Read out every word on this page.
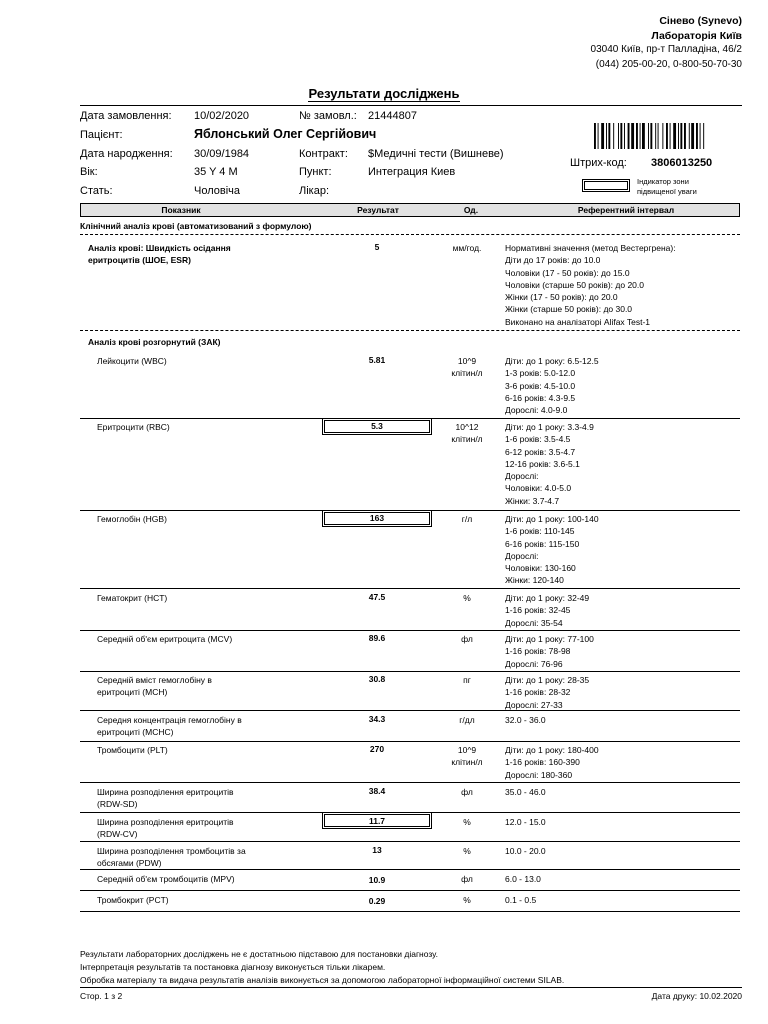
Сінево (Synevo)
Лабораторія Київ
03040 Київ, пр-т Палладіна, 46/2
(044) 205-00-20, 0-800-50-70-30
Результати досліджень
Дата замовлення: 10/02/2020	№ замовл.: 21444807
Пацієнт:	Яблонський Олег Сергійович
Дата народження: 30/09/1984	Контракт: $Медичні тести (Вишневе)
Вік:	35 Y 4 M	Пункт:	Интеграция Киев
Стать:	Чоловіча	Лікар:
Штрих-код: 3806013250
Індикатор зони
підвищеної уваги
Показник	Результат	Од.	Референтний інтервал
Клінічний аналіз крові (автоматизований з формулою)
Аналіз крові: Швидкість осідання
еритроцитів (ШОЕ, ESR)
5	мм/год.	Нормативні значення (метод Вестергрена):
Діти до 17 років: до 10.0
Чоловіки (17 - 50 років): до 15.0
Чоловіки (старше 50 років): до 20.0
Жінки (17 - 50 років): до 20.0
Жінки (старше 50 років): до 30.0
Виконано на аналізаторі Alifax Test-1
Аналіз крові розгорнутий (ЗАК)
Лейкоцити (WBC)	5.81	10^9
клітин/л
Діти: до 1 року: 6.5-12.5
1-3 років: 5.0-12.0
3-6 років: 4.5-10.0
6-16 років: 4.3-9.5
Дорослі: 4.0-9.0
Еритроцити (RBC)	5.3	10^12
клітин/л
Діти: до 1 року: 3.3-4.9
1-6 років: 3.5-4.5
6-12 років: 3.5-4.7
12-16 років: 3.6-5.1
Дорослі:
Чоловіки: 4.0-5.0
Жінки: 3.7-4.7
Гемоглобін (HGB)	163	г/л	Діти: до 1 року: 100-140
1-6 років: 110-145
6-16 років: 115-150
Дорослі:
Чоловіки: 130-160
Жінки: 120-140
Гематокрит (HCT)	47.5	%	Діти: до 1 року: 32-49
1-16 років: 32-45
Дорослі: 35-54
Середній об'єм еритроцита (MCV)	89.6	фл	Діти: до 1 року: 77-100
1-16 років: 78-98
Дорослі: 76-96
Середній вміст гемоглобіну в
еритроциті (MCH)
30.8	пг	Діти: до 1 року: 28-35
1-16 років: 28-32
Дорослі: 27-33
Середня концентрація гемоглобіну в
еритроциті (MCHC)
34.3	г/дл	32.0 - 36.0
Тромбоцити (PLT)	270	10^9
клітин/л
Діти: до 1 року: 180-400
1-16 років: 160-390
Дорослі: 180-360
Ширина розподілення еритроцитів
(RDW-SD)
38.4	фл	35.0 - 46.0
Ширина розподілення еритроцитів
(RDW-CV)
11.7	%	12.0 - 15.0
Ширина розподілення тромбоцитів за
обсягами (PDW)
13	%	10.0 - 20.0
Середній об'єм тромбоцитів (MPV)	10.9	фл	6.0 - 13.0
Тромбокрит (PCT)	0.29	%	0.1 - 0.5
Результати лабораторних досліджень не є достатньою підставою для постановки діагнозу.
Інтерпретація результатів та постановка діагнозу виконується тільки лікарем.
Обробка матеріалу та видача результатів аналізів виконується за допомогою лабораторної інформаційної системи SILAB.
Стор. 1 з 2	Дата друку: 10.02.2020
